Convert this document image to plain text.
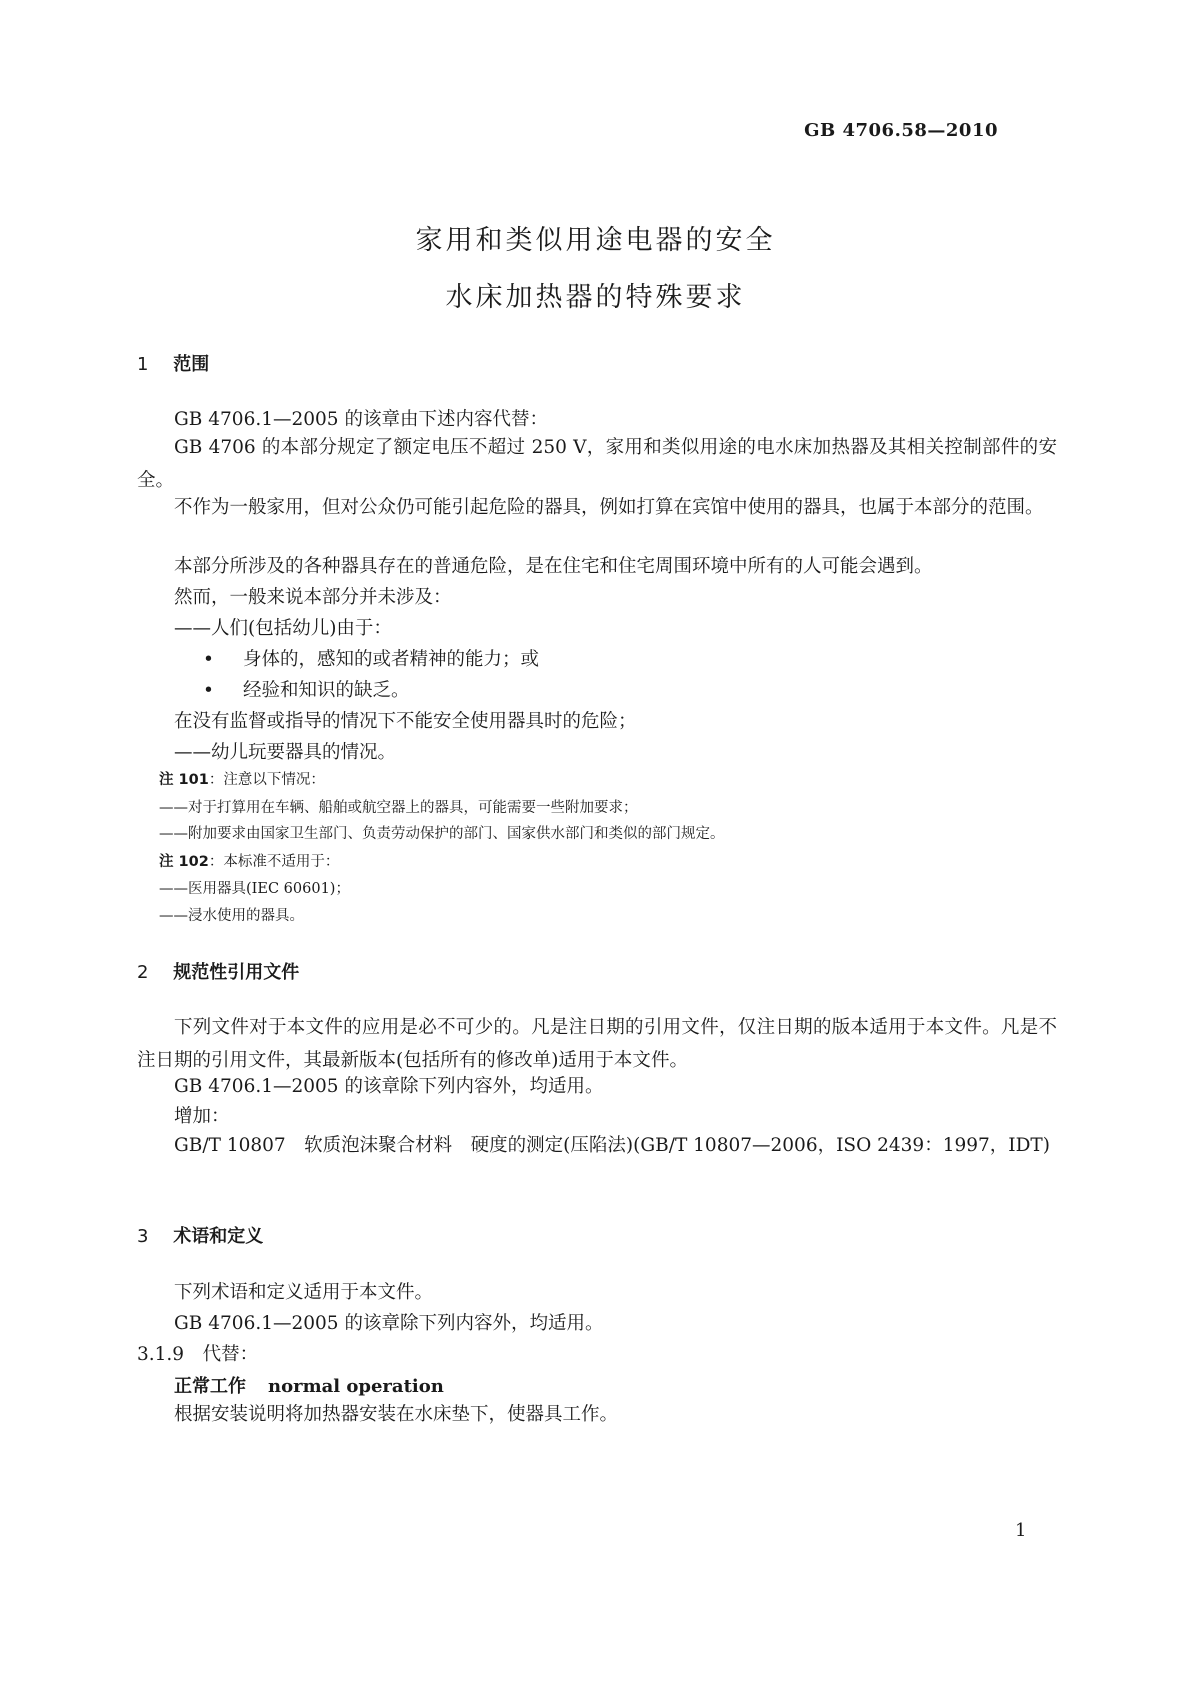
GB 4706.58—2010
家用和类似用途电器的安全
水床加热器的特殊要求
1 范围

GB 4706.1—2005 的该章由下述内容代替：

GB 4706 的本部分规定了额定电压不超过 250 V，家用和类似用途的电水床加热器及其相关控制部件的安全。

不作为一般家用，但对公众仍可能引起危险的器具，例如打算在宾馆中使用的器具，也属于本部分的范围。

本部分所涉及的各种器具存在的普通危险，是在住宅和住宅周围环境中所有的人可能会遇到。

然而，一般来说本部分并未涉及：

——人们(包括幼儿)由于：

• 身体的，感知的或者精神的能力；或

• 经验和知识的缺乏。

在没有监督或指导的情况下不能安全使用器具时的危险；

——幼儿玩要器具的情况。

注 101：注意以下情况：

——对于打算用在车辆、船舶或航空器上的器具，可能需要一些附加要求；

——附加要求由国家卫生部门、负责劳动保护的部门、国家供水部门和类似的部门规定。

注 102：本标准不适用于：

——医用器具(IEC 60601)；

——浸水使用的器具。

2 规范性引用文件

下列文件对于本文件的应用是必不可少的。凡是注日期的引用文件，仅注日期的版本适用于本文件。凡是不注日期的引用文件，其最新版本(包括所有的修改单)适用于本文件。

GB 4706.1—2005 的该章除下列内容外，均适用。

增加：

GB/T 10807　软质泡沫聚合材料　硬度的测定(压陷法)(GB/T 10807—2006，ISO 2439：1997，IDT)

3 术语和定义

下列术语和定义适用于本文件。

GB 4706.1—2005 的该章除下列内容外，均适用。

3.1.9　代替：

正常工作 normal operation

根据安装说明将加热器安装在水床垫下，使器具工作。

1
